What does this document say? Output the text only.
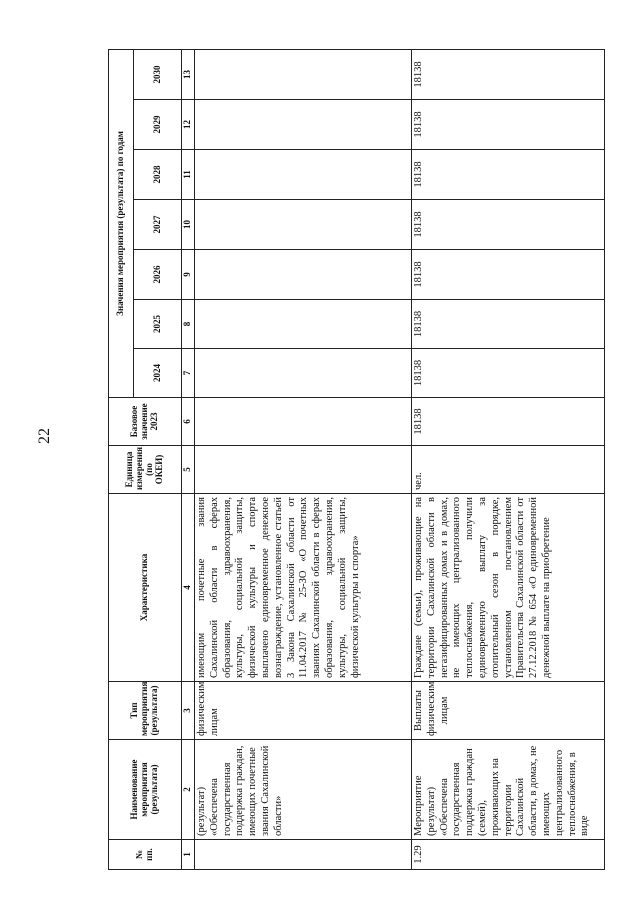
22
№ пп.	Наименование мероприятия (результата)	Тип мероприятия (результата)	Характеристика	Единица измерения (по ОКЕИ)	Базовое значение 2023	Значения мероприятия (результата) по годам						
						2024	2025	2026	2027	2028	2029	2030
1	2	3	4	5	6	7	8	9	10	11	12	13
	(результат) «Обеспечена государственная поддержка граждан, имеющих почетные звания Сахалинской области»	физическим лицам	имеющим почетные звания Сахалинской области в сферах образования, здравоохранения, культуры, социальной защиты, физической культуры и спорта выплачено единовременное денежное вознаграждение, установленное статьей 3 Закона Сахалинской области от 11.04.2017 № 25-ЗО «О почетных званиях Сахалинской области в сферах образования, здравоохранения, культуры, социальной защиты, физической культуры и спорта»									
1.29	Мероприятие (результат) «Обеспечена государственная поддержка граждан (семей), проживающих на территории Сахалинской области, в домах, не имеющих централизованного теплоснабжения, в виде	Выплаты физическим лицам	Граждане (семьи), проживающие на территории Сахалинской области в негазифицированных домах и в домах, не имеющих централизованного теплоснабжения, получили единовременную выплату за отопительный сезон в порядке, установленном постановлением Правительства Сахалинской области от 27.12.2018 № 654 «О единовременной денежной выплате на приобретение	чел.	18138	18138	18138	18138	18138	18138	18138	18138
